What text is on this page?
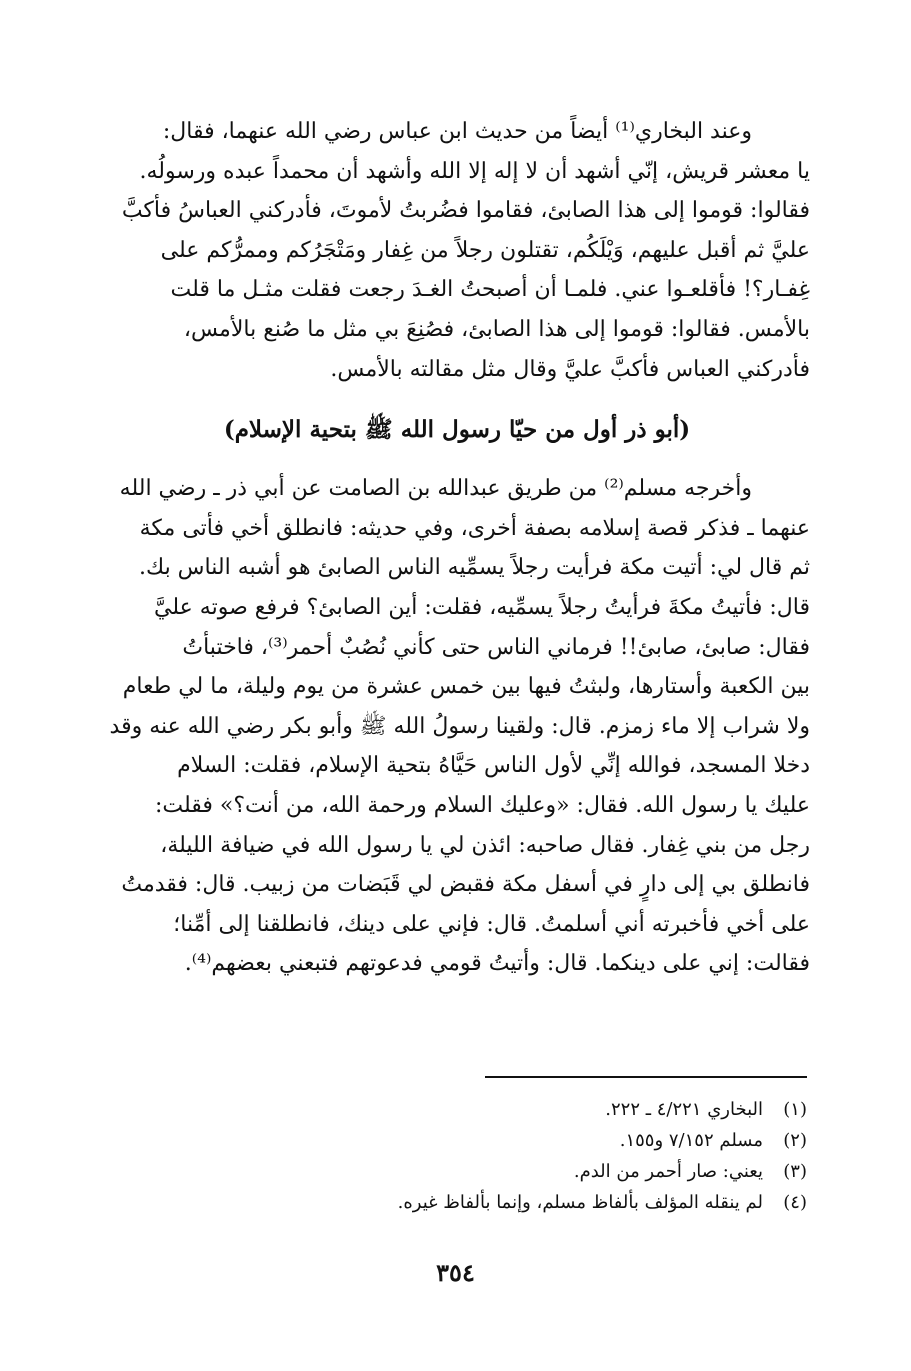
وعند البخاري⁽¹⁾ أيضاً من حديث ابن عباس رضي الله عنهما، فقال:
يا معشر قريش، إنّي أشهد أن لا إله إلا الله وأشهد أن محمداً عبده ورسولُه.
فقالوا: قوموا إلى هذا الصابئ، فقاموا فضُربتُ لأموتَ، فأدركني العباسُ فأكبَّ
عليَّ ثم أقبل عليهم، وَيْلَكُم، تقتلون رجلاً من غِفار ومَتْجَرُكم وممرُّكم على
غِفـار؟! فأقلعـوا عني. فلمـا أن أصبحتُ الغـدَ رجعت فقلت مثـل ما قلت
بالأمس. فقالوا: قوموا إلى هذا الصابئ، فصُنِعَ بي مثل ما صُنع بالأمس،
فأدركني العباس فأكبَّ عليَّ وقال مثل مقالته بالأمس.
(أبو ذر أول من حيّا رسول الله ﷺ بتحية الإسلام)
وأخرجه مسلم⁽²⁾ من طريق عبدالله بن الصامت عن أبي ذر ـ رضي الله
عنهما ـ فذكر قصة إسلامه بصفة أخرى، وفي حديثه: فانطلق أخي فأتى مكة
ثم قال لي: أتيت مكة فرأيت رجلاً يسمِّيه الناس الصابئ هو أشبه الناس بك.
قال: فأتيتُ مكةَ فرأيتُ رجلاً يسمِّيه، فقلت: أين الصابئ؟ فرفع صوته عليَّ
فقال: صابئ، صابئ!! فرماني الناس حتى كأني نُصُبٌ أحمر⁽³⁾، فاختبأتُ
بين الكعبة وأستارها، ولبثتُ فيها بين خمس عشرة من يوم وليلة، ما لي طعام
ولا شراب إلا ماء زمزم. قال: ولقينا رسولُ الله ﷺ وأبو بكر رضي الله عنه وقد
دخلا المسجد، فوالله إنِّي لأول الناس حَيَّاهُ بتحية الإسلام، فقلت: السلام
عليك يا رسول الله. فقال: «وعليك السلام ورحمة الله، من أنت؟» فقلت:
رجل من بني غِفار. فقال صاحبه: ائذن لي يا رسول الله في ضيافة الليلة،
فانطلق بي إلى دارٍ في أسفل مكة فقبض لي قَبَضات من زبيب. قال: فقدمتُ
على أخي فأخبرته أني أسلمتُ. قال: فإني على دينك، فانطلقنا إلى أمِّنا؛
فقالت: إني على دينكما. قال: وأتيتُ قومي فدعوتهم فتبعني بعضهم⁽⁴⁾.
(١)
البخاري ٤/٢٢١ ـ ٢٢٢.
(٢)
مسلم ٧/١٥٢ و١٥٥.
(٣)
يعني: صار أحمر من الدم.
(٤)
لم ينقله المؤلف بألفاظ مسلم، وإنما بألفاظ غيره.
٣٥٤
